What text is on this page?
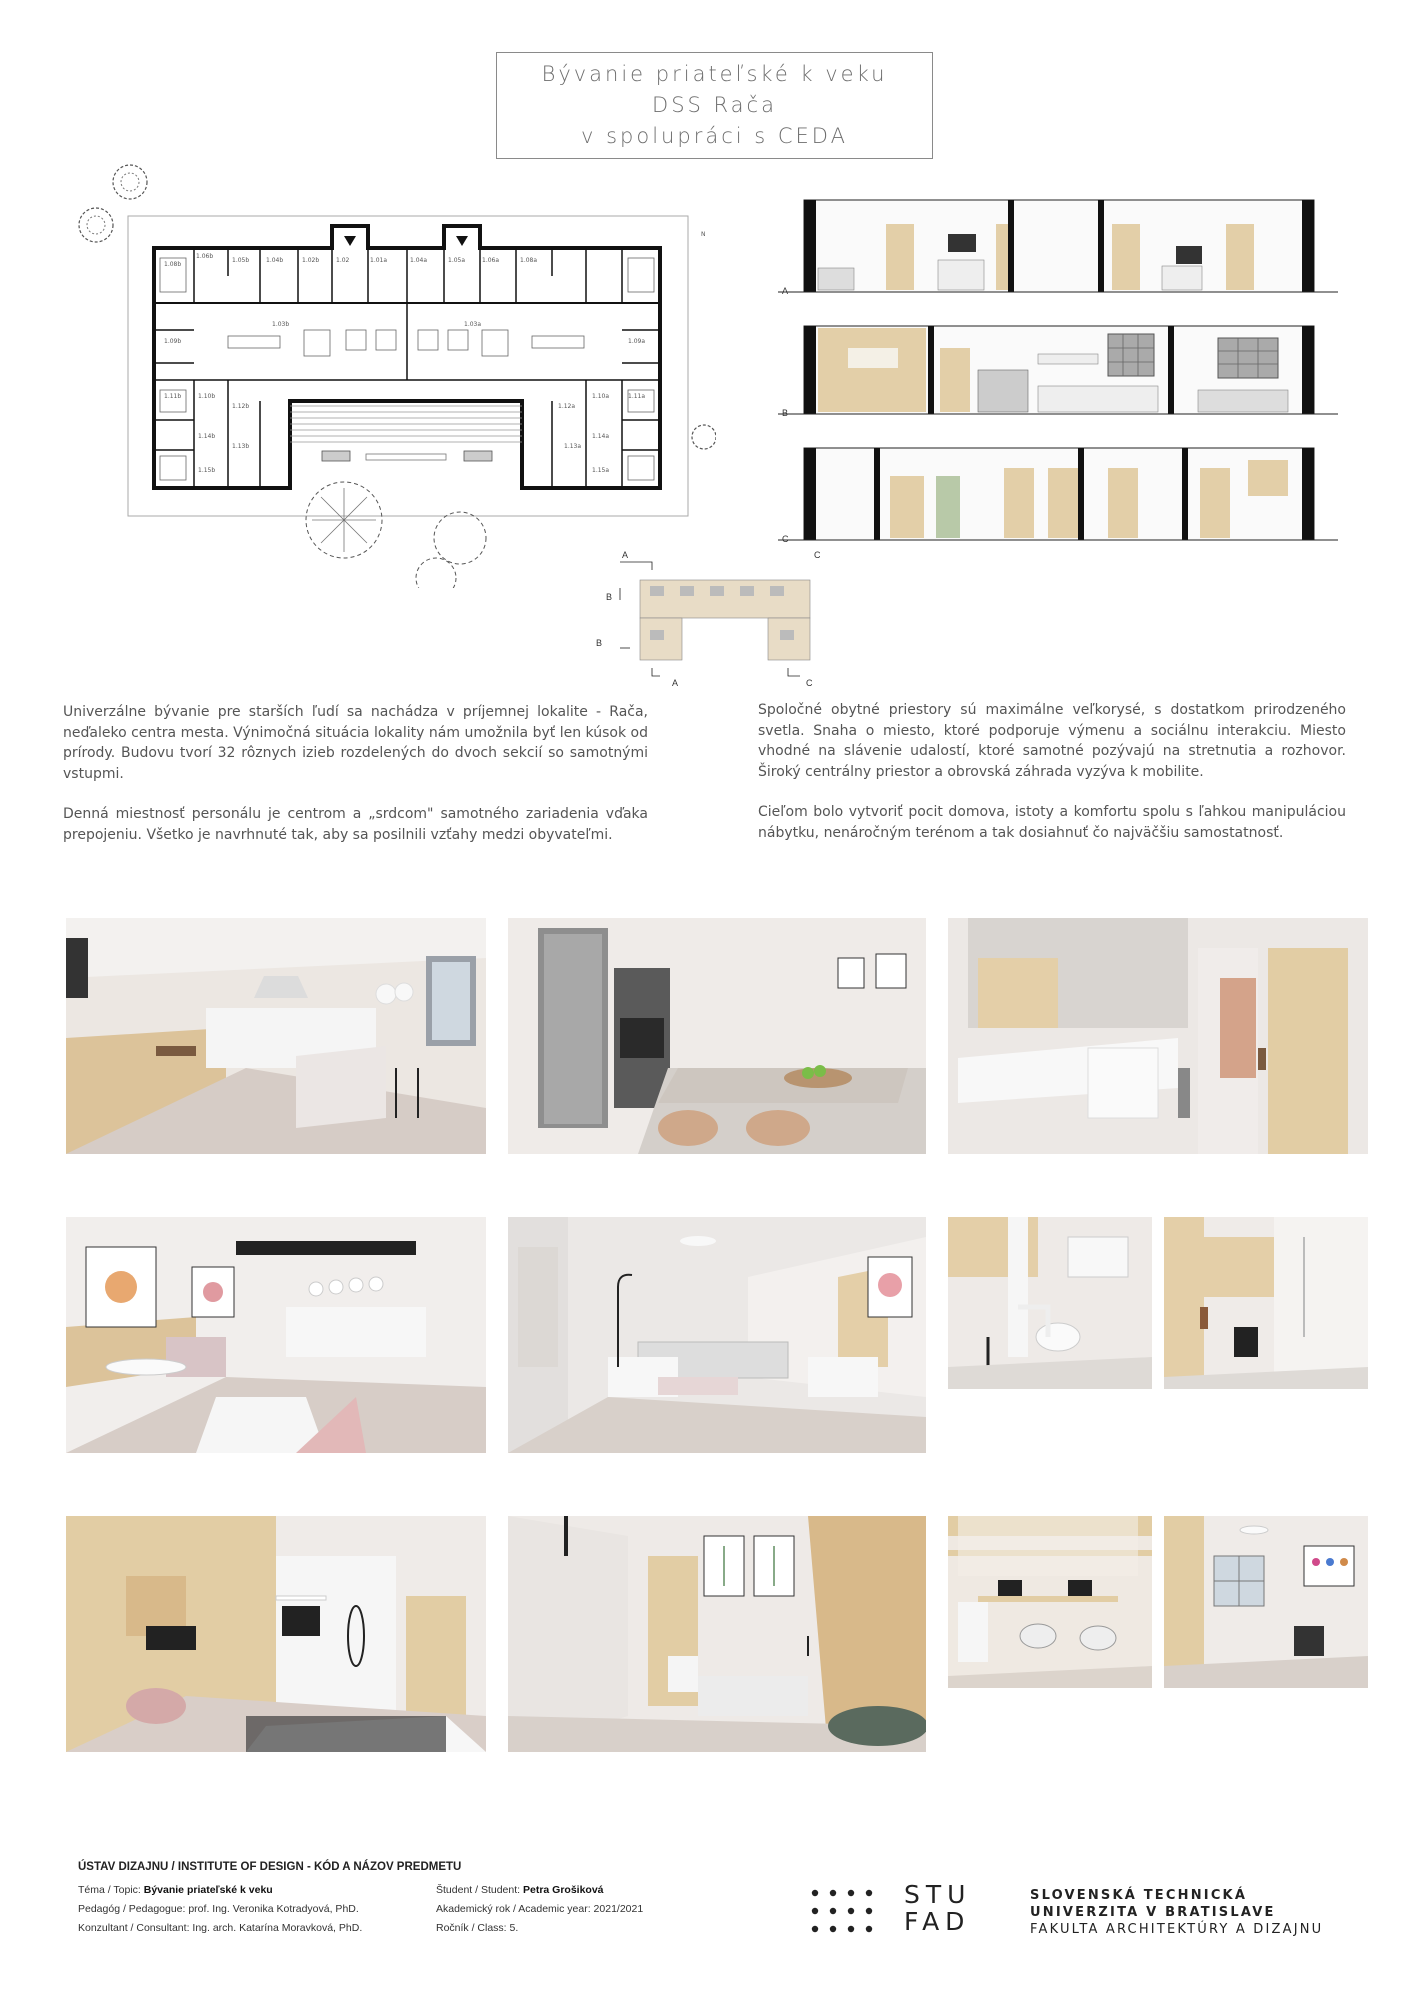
Bývanie priateľské k veku
DSS Rača
v spolupráci s CEDA
N
1.08b
1.06b
1.05b	1.04b	1.02b	1.02	1.01a	1.04a	1.05a	1.06a	1.08a
1.09b
1.03b	1.03a
1.09a
1.11b	1.10b
1.12b	1.12a
1.10a	1.11a
1.14b
1.13b	1.13a
1.14a
1.15b	1.15a
A
B
C
A
B
C
A
B
C

Univerzálne bývanie pre starších ľudí sa nachádza v príjemnej lokalite - Rača, neďaleko centra mesta. Výnimočná situácia lokality nám umožnila byť len kúsok od prírody. Budovu tvorí 32 rôznych izieb rozdelených do dvoch sekcií so samotnými vstupmi.

Denná miestnosť personálu je centrom a „srdcom" samotného zariadenia vďaka prepojeniu. Všetko je navrhnuté tak, aby sa posilnili vzťahy medzi obyvateľmi.

Spoločné obytné priestory sú maximálne veľkorysé, s dostatkom prirodzeného svetla. Snaha o miesto, ktoré podporuje výmenu a sociálnu interakciu. Miesto vhodné na slávenie udalostí, ktoré samotné pozývajú na stretnutia a rozhovor. Široký centrálny priestor a obrovská záhrada vyzýva k mobilite.

Cieľom bolo vytvoriť pocit domova, istoty a komfortu spolu s ľahkou manipuláciou nábytku, nenáročným terénom a tak dosiahnuť čo najväčšiu samostatnosť.

ÚSTAV DIZAJNU / INSTITUTE OF DESIGN - KÓD A NÁZOV PREDMETU
Téma / Topic: Bývanie priateľské k veku
Pedagóg / Pedagogue: prof. Ing. Veronika Kotradyová, PhD.
Konzultant / Consultant: Ing. arch. Katarína Moravková, PhD.
Študent / Student: Petra Grošiková
Akademický rok / Academic year: 2021/2021
Ročník / Class: 5.
STU
FAD
SLOVENSKÁ TECHNICKÁ
UNIVERZITA V BRATISLAVE
FAKULTA ARCHITEKTÚRY A DIZAJNU
